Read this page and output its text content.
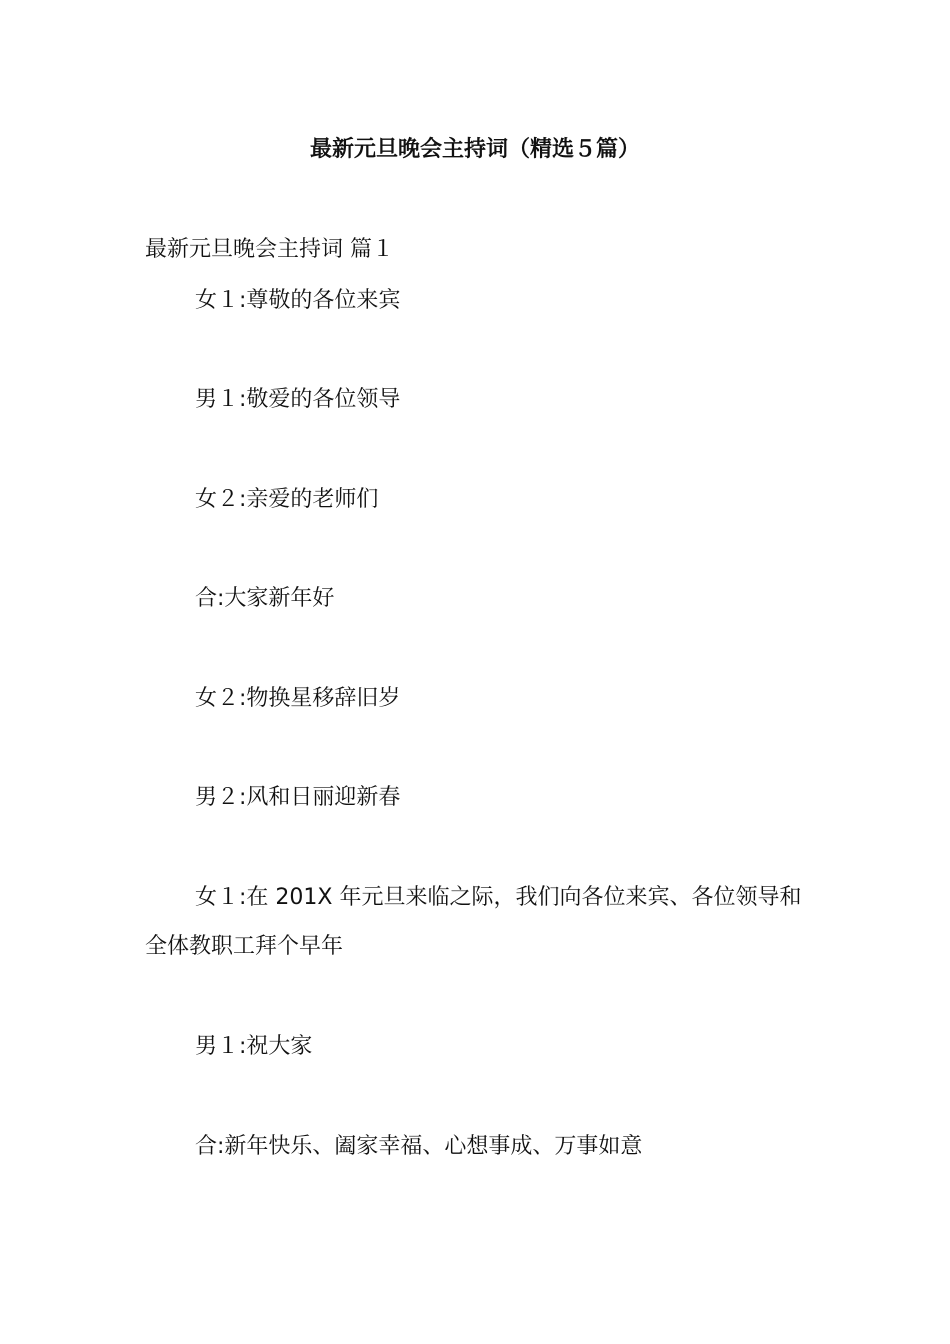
最新元旦晚会主持词（精选５篇）
最新元旦晚会主持词 篇１

女１:尊敬的各位来宾

男１:敬爱的各位领导

女２:亲爱的老师们

合:大家新年好

女２:物换星移辞旧岁

男２:风和日丽迎新春

女１:在 201X 年元旦来临之际，我们向各位来宾、各位领导和全体教职工拜个早年

男１:祝大家

合:新年快乐、阖家幸福、心想事成、万事如意
